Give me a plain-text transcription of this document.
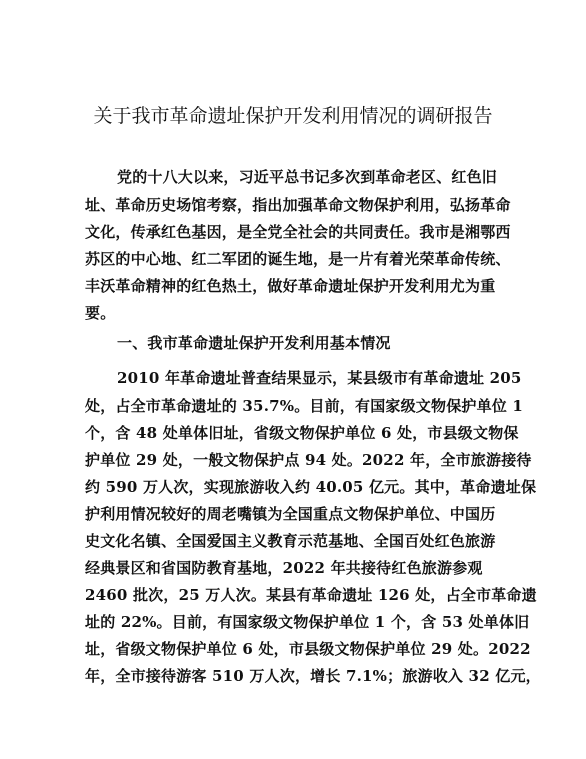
关于我市革命遗址保护开发利用情况的调研报告
党的十八大以来，习近平总书记多次到革命老区、红色旧
址、革命历史场馆考察，指出加强革命文物保护利用，弘扬革命
文化，传承红色基因，是全党全社会的共同责任。我市是湘鄂西
苏区的中心地、红二军团的诞生地，是一片有着光荣革命传统、
丰沃革命精神的红色热土，做好革命遗址保护开发利用尤为重
要。
一、我市革命遗址保护开发利用基本情况
2010 年革命遗址普查结果显示，某县级市有革命遗址 205
处，占全市革命遗址的 35.7%。目前，有国家级文物保护单位 1
个，含 48 处单体旧址，省级文物保护单位 6 处，市县级文物保
护单位 29 处，一般文物保护点 94 处。2022 年，全市旅游接待
约 590 万人次，实现旅游收入约 40.05 亿元。其中，革命遗址保
护利用情况较好的周老嘴镇为全国重点文物保护单位、中国历
史文化名镇、全国爱国主义教育示范基地、全国百处红色旅游
经典景区和省国防教育基地，2022 年共接待红色旅游参观
2460 批次，25 万人次。某县有革命遗址 126 处，占全市革命遗
址的 22%。目前，有国家级文物保护单位 1 个，含 53 处单体旧
址，省级文物保护单位 6 处，市县级文物保护单位 29 处。2022
年，全市接待游客 510 万人次，增长 7.1%；旅游收入 32 亿元，
